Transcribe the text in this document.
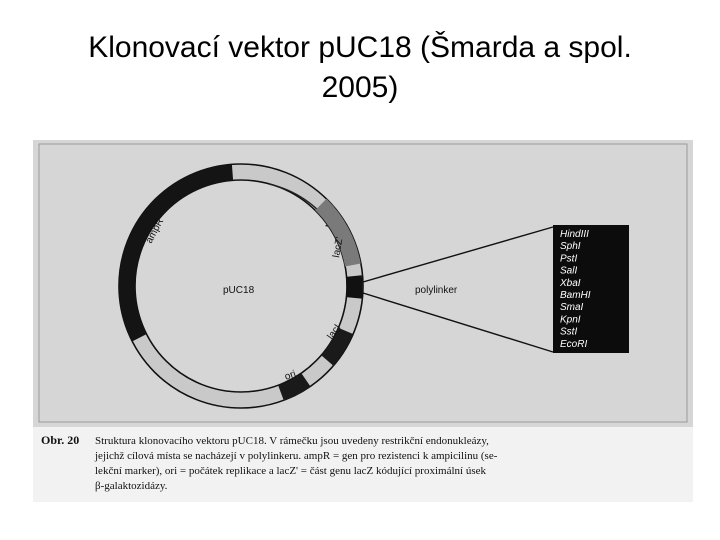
Klonovací vektor pUC18 (Šmarda a spol.
2005)
ampR
lacZ'
lacI
ori
pUC18	polylinker
HindIII
SphI
PstI
SalI
XbaI
BamHI
SmaI
KpnI
SstI
EcoRI
Obr. 20 Struktura klonovacího vektoru pUC18. V rámečku jsou uvedeny restrikční endonukleázy,
jejichž cílová místa se nacházejí v polylinkeru. ampR = gen pro rezistenci k ampicilinu (se-
lekční marker), ori = počátek replikace a lacZ' = část genu lacZ kódující proximální úsek
β-galaktozidázy.
